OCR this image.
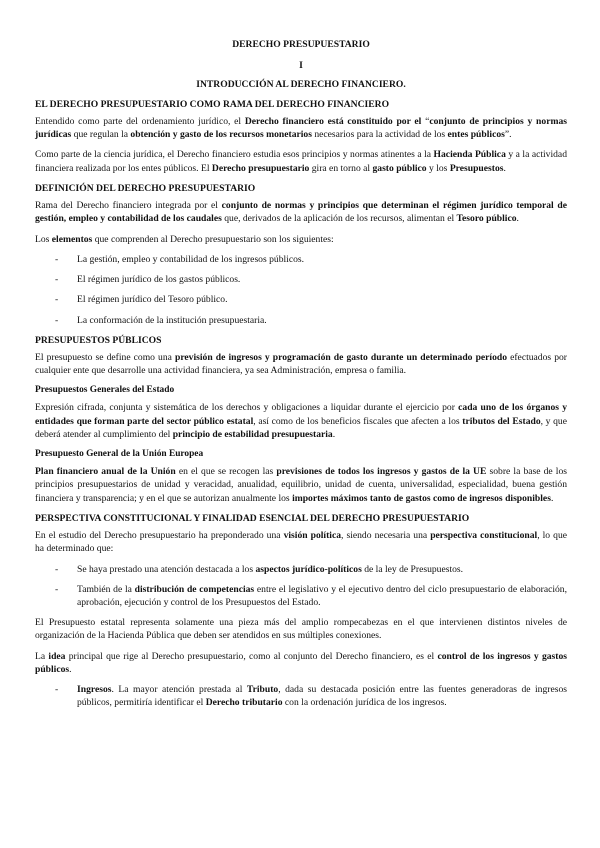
DERECHO PRESUPUESTARIO

I

INTRODUCCIÓN AL DERECHO FINANCIERO.

EL DERECHO PRESUPUESTARIO COMO RAMA DEL DERECHO FINANCIERO

Entendido como parte del ordenamiento jurídico, el Derecho financiero está constituido por el “conjunto de principios y normas jurídicas que regulan la obtención y gasto de los recursos monetarios necesarios para la actividad de los entes públicos”.

Como parte de la ciencia jurídica, el Derecho financiero estudia esos principios y normas atinentes a la Hacienda Pública y a la actividad financiera realizada por los entes públicos. El Derecho presupuestario gira en torno al gasto público y los Presupuestos.

DEFINICIÓN DEL DERECHO PRESUPUESTARIO

Rama del Derecho financiero integrada por el conjunto de normas y principios que determinan el régimen jurídico temporal de gestión, empleo y contabilidad de los caudales que, derivados de la aplicación de los recursos, alimentan el Tesoro público.

Los elementos que comprenden al Derecho presupuestario son los siguientes:

- La gestión, empleo y contabilidad de los ingresos públicos.
- El régimen jurídico de los gastos públicos.
- El régimen jurídico del Tesoro público.
- La conformación de la institución presupuestaria.
PRESUPUESTOS PÚBLICOS

El presupuesto se define como una previsión de ingresos y programación de gasto durante un determinado período efectuados por cualquier ente que desarrolle una actividad financiera, ya sea Administración, empresa o familia.

Presupuestos Generales del Estado

Expresión cifrada, conjunta y sistemática de los derechos y obligaciones a liquidar durante el ejercicio por cada uno de los órganos y entidades que forman parte del sector público estatal, así como de los beneficios fiscales que afecten a los tributos del Estado, y que deberá atender al cumplimiento del principio de estabilidad presupuestaria.

Presupuesto General de la Unión Europea

Plan financiero anual de la Unión en el que se recogen las previsiones de todos los ingresos y gastos de la UE sobre la base de los principios presupuestarios de unidad y veracidad, anualidad, equilibrio, unidad de cuenta, universalidad, especialidad, buena gestión financiera y transparencia; y en el que se autorizan anualmente los importes máximos tanto de gastos como de ingresos disponibles.

PERSPECTIVA CONSTITUCIONAL Y FINALIDAD ESENCIAL DEL DERECHO PRESUPUESTARIO

En el estudio del Derecho presupuestario ha preponderado una visión política, siendo necesaria una perspectiva constitucional, lo que ha determinado que:

- Se haya prestado una atención destacada a los aspectos jurídico-políticos de la ley de Presupuestos.
- También de la distribución de competencias entre el legislativo y el ejecutivo dentro del ciclo presupuestario de elaboración, aprobación, ejecución y control de los Presupuestos del Estado.

El Presupuesto estatal representa solamente una pieza más del amplio rompecabezas en el que intervienen distintos niveles de organización de la Hacienda Pública que deben ser atendidos en sus múltiples conexiones.

La idea principal que rige al Derecho presupuestario, como al conjunto del Derecho financiero, es el control de los ingresos y gastos públicos.

- Ingresos. La mayor atención prestada al Tributo, dada su destacada posición entre las fuentes generadoras de ingresos públicos, permitiría identificar el Derecho tributario con la ordenación jurídica de los ingresos.
